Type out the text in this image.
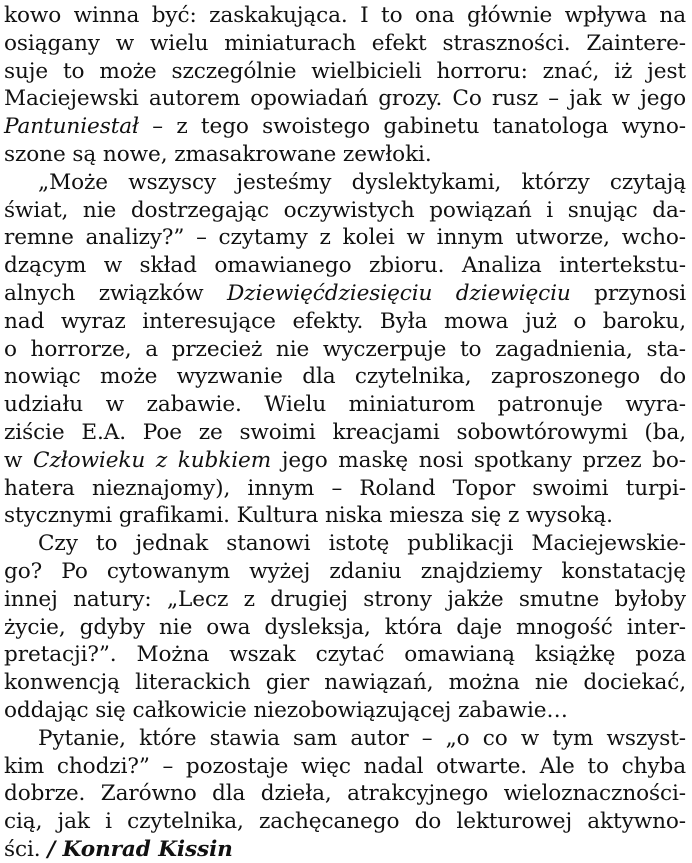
kowo winna być: zaskakująca. I to ona głównie wpływa na
osiągany w wielu miniaturach efekt straszności. Zaintere-
suje to może szczególnie wielbicieli horroru: znać, iż jest
Maciejewski autorem opowiadań grozy. Co rusz – jak w jego
Pantuniestał – z tego swoistego gabinetu tanatologa wyno-
szone są nowe, zmasakrowane zewłoki.
„Może wszyscy jesteśmy dyslektykami, którzy czytają
świat, nie dostrzegając oczywistych powiązań i snując da-
remne analizy?” – czytamy z kolei w innym utworze, wcho-
dzącym w skład omawianego zbioru. Analiza intertekstu-
alnych związków Dziewięćdziesięciu dziewięciu przynosi
nad wyraz interesujące efekty. Była mowa już o baroku,
o horrorze, a przecież nie wyczerpuje to zagadnienia, sta-
nowiąc może wyzwanie dla czytelnika, zaproszonego do
udziału w zabawie. Wielu miniaturom patronuje wyra-
ziście E.A. Poe ze swoimi kreacjami sobowtórowymi (ba,
w Człowieku z kubkiem jego maskę nosi spotkany przez bo-
hatera nieznajomy), innym – Roland Topor swoimi turpi-
stycznymi grafikami. Kultura niska miesza się z wysoką.
Czy to jednak stanowi istotę publikacji Maciejewskie-
go? Po cytowanym wyżej zdaniu znajdziemy konstatację
innej natury: „Lecz z drugiej strony jakże smutne byłoby
życie, gdyby nie owa dysleksja, która daje mnogość inter-
pretacji?”. Można wszak czytać omawianą książkę poza
konwencją literackich gier nawiązań, można nie dociekać,
oddając się całkowicie niezobowiązującej zabawie…
Pytanie, które stawia sam autor – „o co w tym wszyst-
kim chodzi?” – pozostaje więc nadal otwarte. Ale to chyba
dobrze. Zarówno dla dzieła, atrakcyjnego wieloznaczności-
cią, jak i czytelnika, zachęcanego do lekturowej aktywno-
ści. / Konrad Kissin
